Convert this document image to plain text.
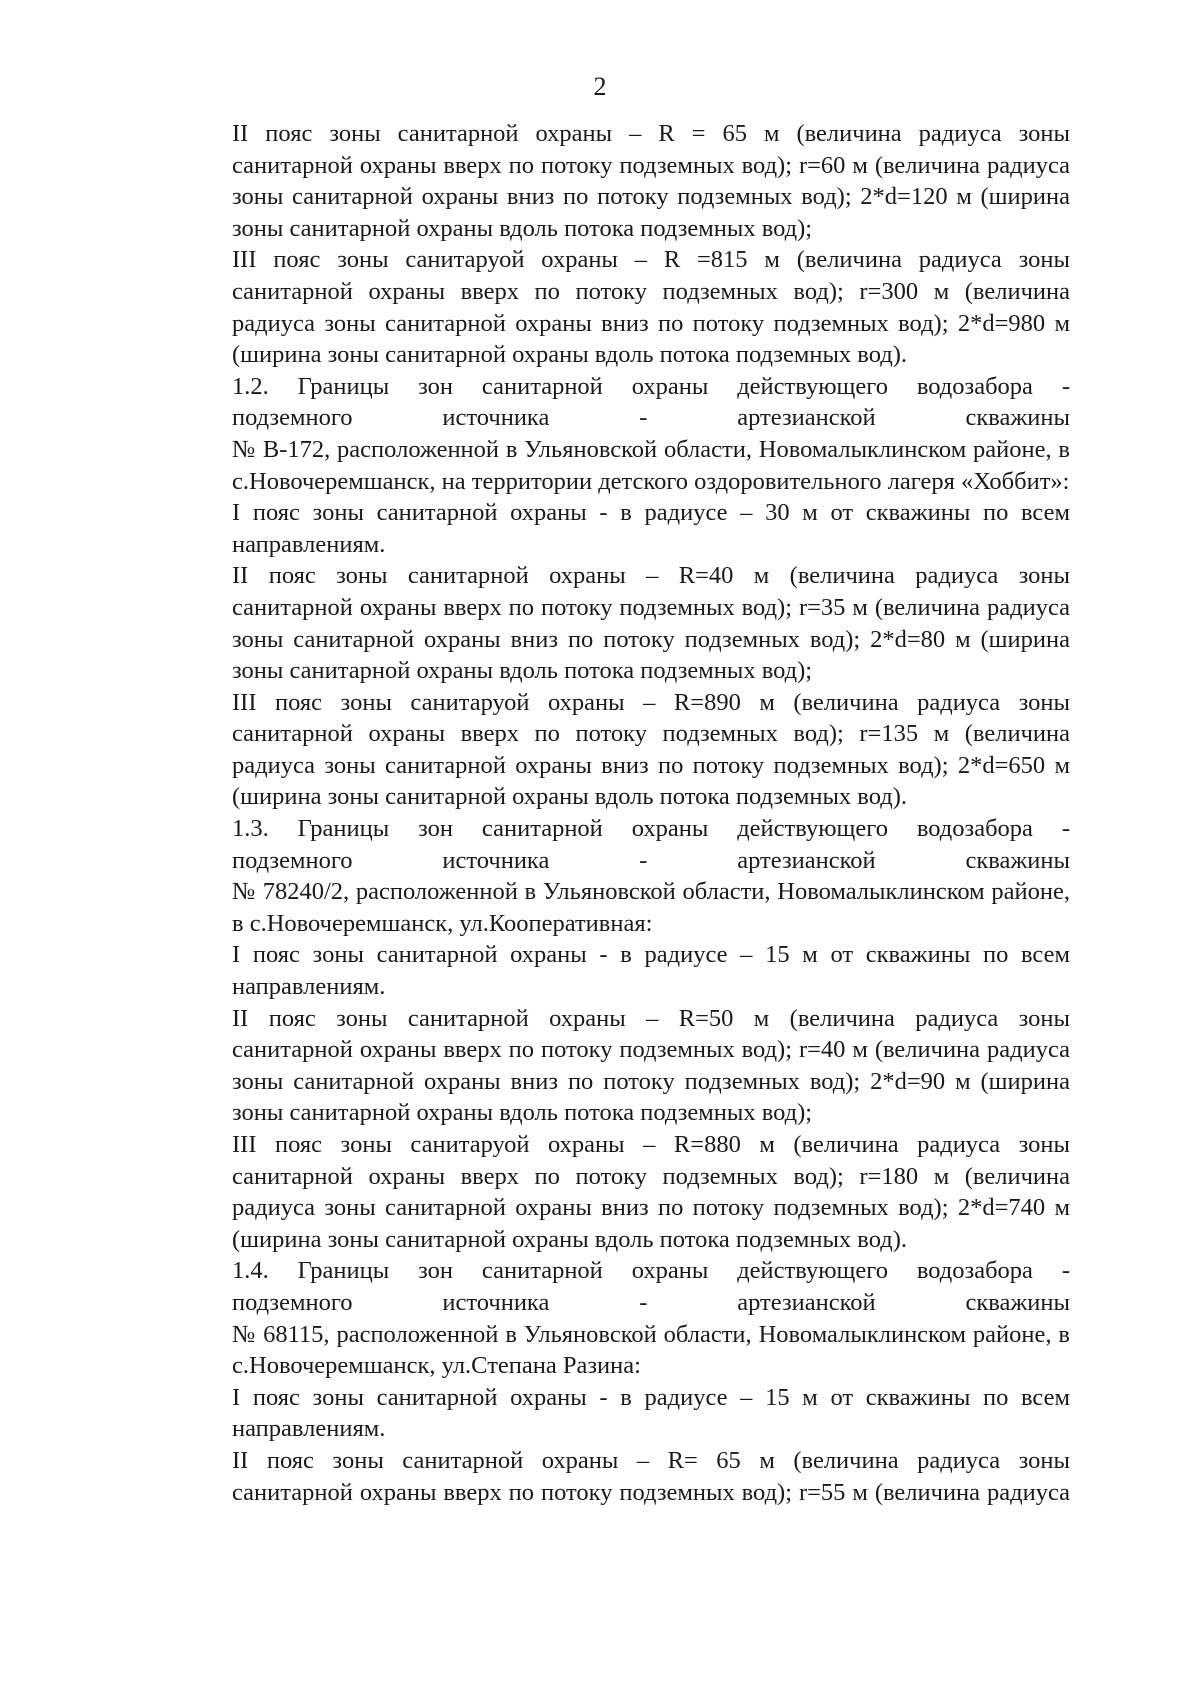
2

II пояс зоны санитарной охраны – R = 65 м (величина радиуса зоны
санитарной охраны вверх по потоку подземных вод); r=60 м (величина радиуса
зоны санитарной охраны вниз по потоку подземных вод); 2*d=120 м (ширина
зоны санитарной охраны вдоль потока подземных вод);

III пояс зоны санитаруой охраны – R =815 м (величина радиуса зоны
санитарной охраны вверх по потоку подземных вод); r=300 м (величина
радиуса зоны санитарной охраны вниз по потоку подземных вод); 2*d=980 м
(ширина зоны санитарной охраны вдоль потока подземных вод).

1.2. Границы зон санитарной охраны действующего водозабора -
подземного источника - артезианской скважины
№ В-172, расположенной в Ульяновской области, Новомалыклинском районе, в
с.Новочеремшанск, на территории детского оздоровительного лагеря «Хоббит»:

I пояс зоны санитарной охраны - в радиусе – 30 м от скважины по всем
направлениям.

II пояс зоны санитарной охраны – R=40 м (величина радиуса зоны
санитарной охраны вверх по потоку подземных вод); r=35 м (величина радиуса
зоны санитарной охраны вниз по потоку подземных вод); 2*d=80 м (ширина
зоны санитарной охраны вдоль потока подземных вод);

III пояс зоны санитаруой охраны – R=890 м (величина радиуса зоны
санитарной охраны вверх по потоку подземных вод); r=135 м (величина
радиуса зоны санитарной охраны вниз по потоку подземных вод); 2*d=650 м
(ширина зоны санитарной охраны вдоль потока подземных вод).

1.3. Границы зон санитарной охраны действующего водозабора -
подземного источника - артезианской скважины
№ 78240/2, расположенной в Ульяновской области, Новомалыклинском районе,
в с.Новочеремшанск, ул.Кооперативная:

I пояс зоны санитарной охраны - в радиусе – 15 м от скважины по всем
направлениям.

II пояс зоны санитарной охраны – R=50 м (величина радиуса зоны
санитарной охраны вверх по потоку подземных вод); r=40 м (величина радиуса
зоны санитарной охраны вниз по потоку подземных вод); 2*d=90 м (ширина
зоны санитарной охраны вдоль потока подземных вод);

III пояс зоны санитаруой охраны – R=880 м (величина радиуса зоны
санитарной охраны вверх по потоку подземных вод); r=180 м (величина
радиуса зоны санитарной охраны вниз по потоку подземных вод); 2*d=740 м
(ширина зоны санитарной охраны вдоль потока подземных вод).

1.4. Границы зон санитарной охраны действующего водозабора -
подземного источника - артезианской скважины
№ 68115, расположенной в Ульяновской области, Новомалыклинском районе, в
с.Новочеремшанск, ул.Степана Разина:

I пояс зоны санитарной охраны - в радиусе – 15 м от скважины по всем
направлениям.

II пояс зоны санитарной охраны – R= 65 м (величина радиуса зоны
санитарной охраны вверх по потоку подземных вод); r=55 м (величина радиуса
